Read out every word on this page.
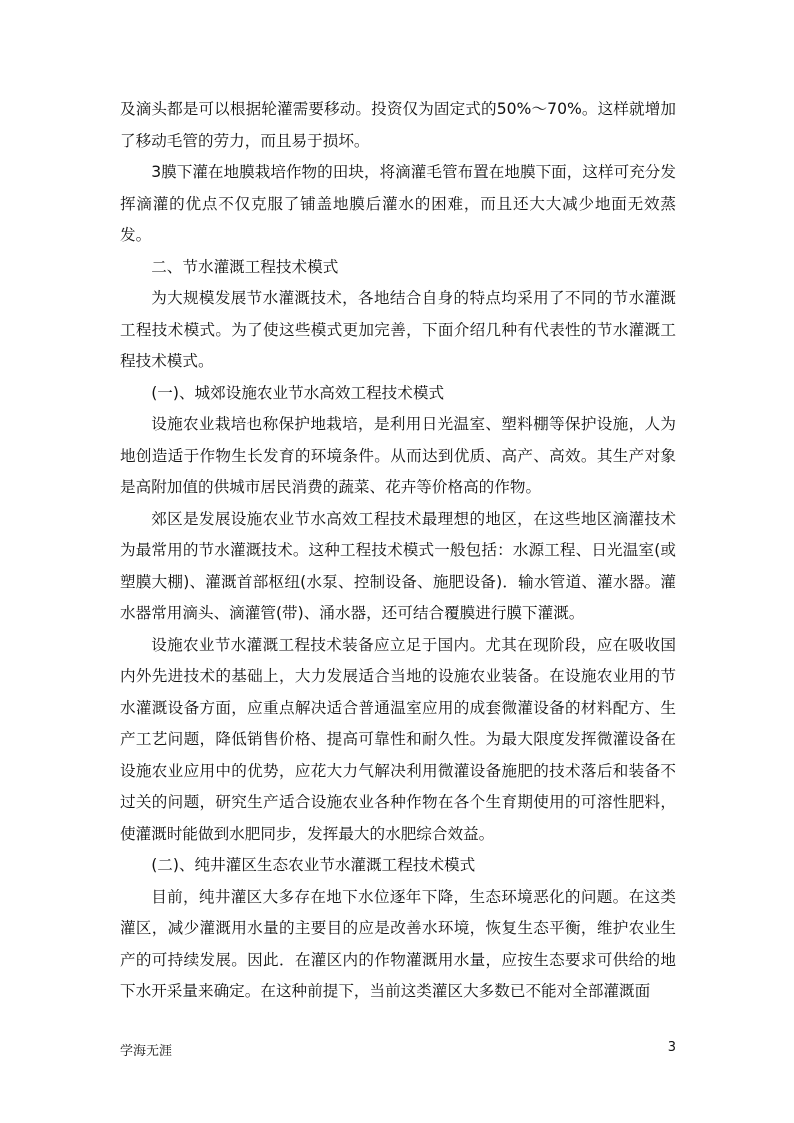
及滴头都是可以根据轮灌需要移动。投资仅为固定式的50%～70%。这样就增加了移动毛管的劳力，而且易于损坏。

3膜下灌在地膜栽培作物的田块，将滴灌毛管布置在地膜下面，这样可充分发挥滴灌的优点不仅克服了铺盖地膜后灌水的困难，而且还大大减少地面无效蒸发。

二、节水灌溉工程技术模式

为大规模发展节水灌溉技术，各地结合自身的特点均采用了不同的节水灌溉工程技术模式。为了使这些模式更加完善，下面介绍几种有代表性的节水灌溉工程技术模式。

(一)、城郊设施农业节水高效工程技术模式

设施农业栽培也称保护地栽培，是利用日光温室、塑料棚等保护设施，人为地创造适于作物生长发育的环境条件。从而达到优质、高产、高效。其生产对象是高附加值的供城市居民消费的蔬菜、花卉等价格高的作物。

郊区是发展设施农业节水高效工程技术最理想的地区，在这些地区滴灌技术为最常用的节水灌溉技术。这种工程技术模式一般包括：水源工程、日光温室(或塑膜大棚)、灌溉首部枢纽(水泵、控制设备、施肥设备)．输水管道、灌水器。灌水器常用滴头、滴灌管(带)、涌水器，还可结合覆膜进行膜下灌溉。

设施农业节水灌溉工程技术装备应立足于国内。尤其在现阶段，应在吸收国内外先进技术的基础上，大力发展适合当地的设施农业装备。在设施农业用的节水灌溉设备方面，应重点解决适合普通温室应用的成套微灌设备的材料配方、生产工艺问题，降低销售价格、提高可靠性和耐久性。为最大限度发挥微灌设备在设施农业应用中的优势，应花大力气解决利用微灌设备施肥的技术落后和装备不过关的问题，研究生产适合设施农业各种作物在各个生育期使用的可溶性肥料，使灌溉时能做到水肥同步，发挥最大的水肥综合效益。

(二)、纯井灌区生态农业节水灌溉工程技术模式

目前，纯井灌区大多存在地下水位逐年下降，生态环境恶化的问题。在这类灌区，减少灌溉用水量的主要目的应是改善水环境，恢复生态平衡，维护农业生产的可持续发展。因此．在灌区内的作物灌溉用水量，应按生态要求可供给的地下水开采量来确定。在这种前提下，当前这类灌区大多数已不能对全部灌溉面

学海无涯	3
